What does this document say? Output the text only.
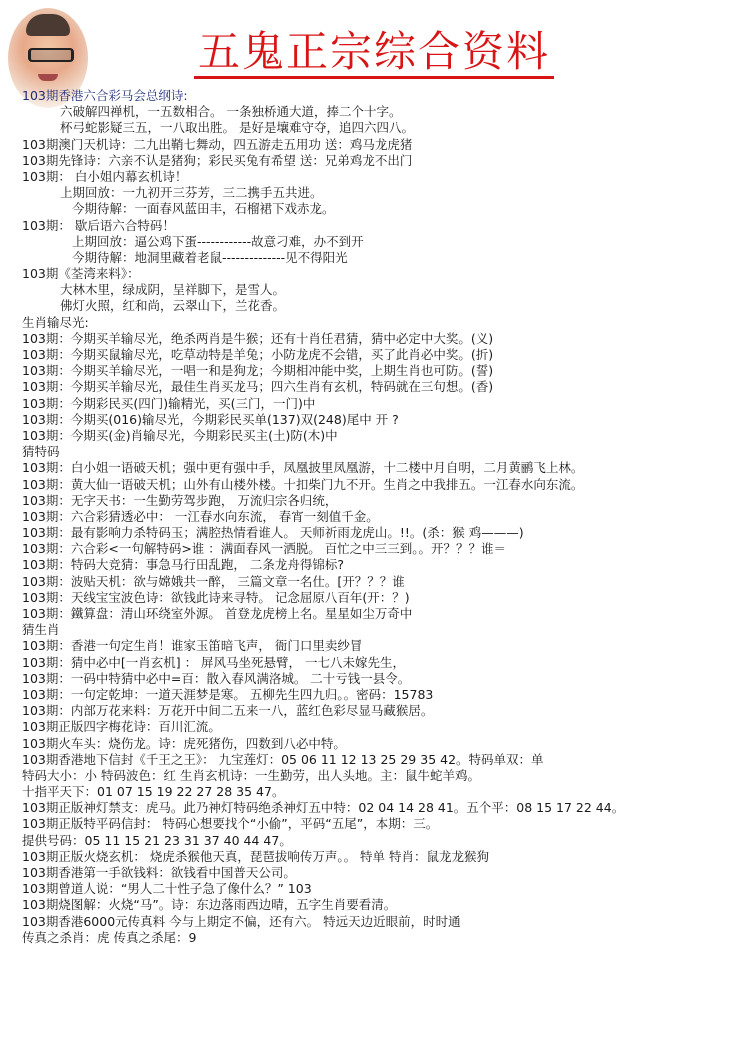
五鬼正宗综合资料
103期香港六合彩马会总纲诗:
六破解四禅机，一五数相合。 一条独桥通大道，捧二个十字。
杯弓蛇影疑三五，一八取出胜。 是好是壤难守夺，追四六四八。
103期澳门天机诗：二九出鞘七舞动，四五游走五用功 送：鸡马龙虎猪
103期先锋诗：六亲不认是猪狗；彩民买兔有希望 送：兄弟鸡龙不出门
103期： 白小姐内幕玄机诗！
上期回放：一九初开三芬芳，三二携手五共进。
今期待解：一面春风蓝田丰，石榴裙下戏赤龙。
103期： 歇后语六合特码！
上期回放：逼公鸡下蛋------------故意刁难，办不到开
今期待解：地洞里藏着老鼠--------------见不得阳光
103期《荃湾来料》：
大林木里，绿成阴，呈祥脚下，是雪人。
佛灯火照，红和尚，云翠山下，兰花香。
生肖输尽光:
103期：今期买羊输尽光，绝杀两肖是牛猴；还有十肖任君猜，猜中必定中大奖。(义)
103期：今期买鼠输尽光，吃草动特是羊兔；小防龙虎不会错，买了此肖必中奖。(折)
103期：今期买羊输尽光，一唱一和是狗龙；今期相冲能中奖，上期生肖也可防。(誓)
103期：今期买羊输尽光，最佳生肖买龙马；四六生肖有玄机，特码就在三句想。(香)
103期：今期彩民买(四门)输精光，买(三门，一门)中
103期：今期买(016)输尽光，今期彩民买单(137)双(248)尾中 开 ?
103期：今期买(金)肖输尽光，今期彩民买主(土)防(木)中
猜特码
103期：白小姐一语破天机；强中更有强中手，凤凰披里凤凰游，十二楼中月自明，二月黄鹂飞上林。
103期：黄大仙一语破天机；山外有山楼外楼。十扣柴门九不开。生肖之中我排五。一江春水向东流。
103期：无字天书：一生勤劳驾步跑， 万流归宗各归统，
103期：六合彩猜透必中： 一江春水向东流， 春宵一刻值千金。
103期：最有影响力杀特码玉；满腔热情看谁人。 天师祈雨龙虎山。!!。(杀：猴 鸡———)
103期：六合彩<一句解特码>谁 ：满面春风一洒脱。 百忙之中三三到。。开？？？谁＝
103期：特码大竞猜：事急马行田乱跑， 二条龙舟得锦标?
103期：波贴天机：欲与嫦娥共一醉， 三篇文章一名仕。[开？？？谁
103期：天线宝宝波色诗：欲钱此诗来寻特。 记念屈原八百年(开：？)
103期：鐵算盘：清山环绕室外源。 首登龙虎榜上名。星星如尘万奇中
猜生肖
103期：香港一句定生肖！谁家玉笛暗飞声， 衙门口里卖纱冒
103期：猜中必中[一肖玄机] ： 屏风马坐死悬臂， 一七八未嫁先生，
103期：一码中特猜中必中=百：散入春风满洛城。 二十亏钱一县令。
103期：一句定乾坤：一道天涯梦是寒。 五柳先生四九归。。密码：15783
103期：内部万花来料：万花开中间二五来一八，蓝红色彩尽显马藏猴居。
103期正版四字梅花诗：百川汇流。
103期火车头：烧伤龙。诗：虎死猪伤，四数到八必中特。
103期香港地下信封《千王之王》： 九宝莲灯：05 06 11 12 13 25 29 35 42。特码单双：单
特码大小：小 特码波色：红 生肖玄机诗：一生勤劳，出人头地。主：鼠牛蛇羊鸡。
十指平天下：01 07 15 19 22 27 28 35 47。
103期正版神灯禁支：虎马。此乃神灯特码绝杀神灯五中特：02 04 14 28 41。五个平：08 15 17 22 44。
103期正版特平码信封： 特码心想要找个“小偷”，平码“五尾”，本期：三。
提供号码：05 11 15 21 23 31 37 40 44 47。
103期正版火烧玄机： 烧虎杀猴他天真，琵琶拔响传万声。。 特单 特肖：鼠龙龙猴狗
103期香港第一手欲钱料：欲钱看中国普天公司。
103期曾道人说：“男人二十性子急了像什么？” 103
103期烧图解：火烧“马”。诗：东边落雨西边晴，五字生肖要看清。
103期香港6000元传真料 今与上期定不偏，还有六。 特远天边近眼前，时时通
传真之杀肖：虎 传真之杀尾：9
